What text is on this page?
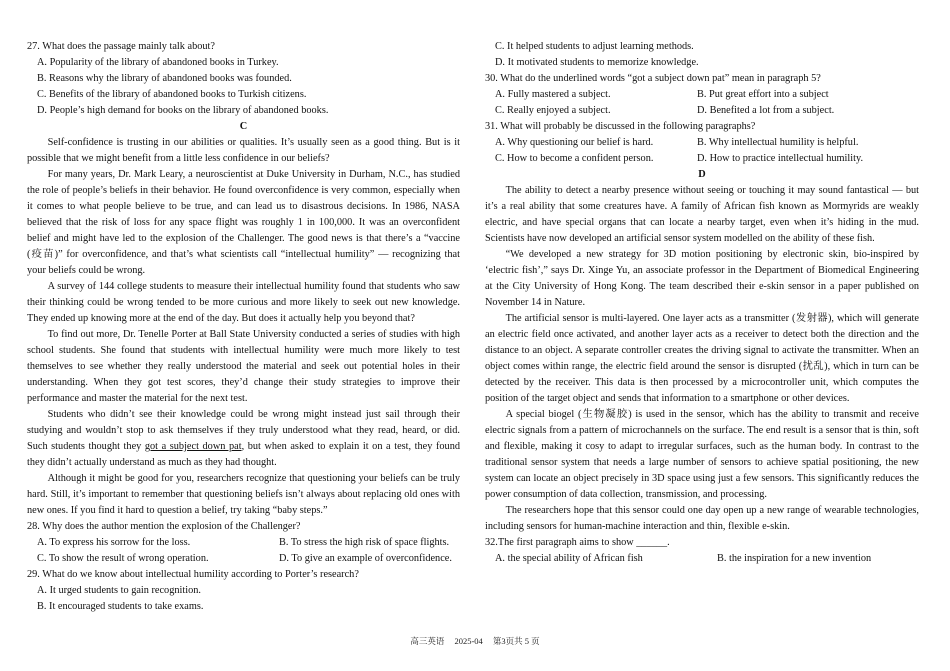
27. What does the passage mainly talk about?

A. Popularity of the library of abandoned books in Turkey.

B. Reasons why the library of abandoned books was founded.

C. Benefits of the library of abandoned books to Turkish citizens.

D. People’s high demand for books on the library of abandoned books.

C

Self-confidence is trusting in our abilities or qualities. It’s usually seen as a good thing. But is it possible that we might benefit from a little less confidence in our beliefs?

For many years, Dr. Mark Leary, a neuroscientist at Duke University in Durham, N.C., has studied the role of people’s beliefs in their behavior. He found overconfidence is very common, especially when it comes to what people believe to be true, and can lead us to disastrous decisions. In 1986, NASA believed that the risk of loss for any space flight was roughly 1 in 100,000. It was an overconfident belief and might have led to the explosion of the Challenger. The good news is that there’s a “vaccine (疫苗)” for overconfidence, and that’s what scientists call “intellectual humility” — recognizing that your beliefs could be wrong.

A survey of 144 college students to measure their intellectual humility found that students who saw their thinking could be wrong tended to be more curious and more likely to seek out new knowledge. They ended up knowing more at the end of the day. But does it actually help you beyond that?

To find out more, Dr. Tenelle Porter at Ball State University conducted a series of studies with high school students. She found that students with intellectual humility were much more likely to test themselves to see whether they really understood the material and seek out potential holes in their understanding. When they got test scores, they’d change their study strategies to improve their performance and master the material for the next test.

Students who didn’t see their knowledge could be wrong might instead just sail through their studying and wouldn’t stop to ask themselves if they truly understood what they read, heard, or did. Such students thought they got a subject down pat, but when asked to explain it on a test, they found they didn’t actually understand as much as they had thought.

Although it might be good for you, researchers recognize that questioning your beliefs can be truly hard. Still, it’s important to remember that questioning beliefs isn’t always about replacing old ones with new ones. If you find it hard to question a belief, try taking “baby steps.”

28. Why does the author mention the explosion of the Challenger?

A. To express his sorrow for the loss.	B. To stress the high risk of space flights.
C. To show the result of wrong operation.	D. To give an example of overconfidence.

29. What do we know about intellectual humility according to Porter’s research?

A. It urged students to gain recognition.

B. It encouraged students to take exams.

C. It helped students to adjust learning methods.

D. It motivated students to memorize knowledge.

30. What do the underlined words “got a subject down pat” mean in paragraph 5?

A. Fully mastered a subject.	B. Put great effort into a subject
C. Really enjoyed a subject.	D. Benefited a lot from a subject.

31. What will probably be discussed in the following paragraphs?

A. Why questioning our belief is hard.	B. Why intellectual humility is helpful.
C. How to become a confident person.	D. How to practice intellectual humility.

D

The ability to detect a nearby presence without seeing or touching it may sound fantastical — but it’s a real ability that some creatures have. A family of African fish known as Mormyrids are weakly electric, and have special organs that can locate a nearby target, even when it’s hiding in the mud. Scientists have now developed an artificial sensor system modelled on the ability of these fish.

“We developed a new strategy for 3D motion positioning by electronic skin, bio-inspired by ‘electric fish’,” says Dr. Xinge Yu, an associate professor in the Department of Biomedical Engineering at the City University of Hong Kong. The team described their e-skin sensor in a paper published on November 14 in Nature.

The artificial sensor is multi-layered. One layer acts as a transmitter (发射器), which will generate an electric field once activated, and another layer acts as a receiver to detect both the direction and the distance to an object. A separate controller creates the driving signal to activate the transmitter. When an object comes within range, the electric field around the sensor is disrupted (扰乱), which in turn can be detected by the receiver. This data is then processed by a microcontroller unit, which computes the position of the target object and sends that information to a smartphone or other devices.

A special biogel (生物凝胶) is used in the sensor, which has the ability to transmit and receive electric signals from a pattern of microchannels on the surface. The end result is a sensor that is thin, soft and flexible, making it cosy to adapt to irregular surfaces, such as the human body. In contrast to the traditional sensor system that needs a large number of sensors to achieve spatial positioning, the new system can locate an object precisely in 3D space using just a few sensors. This significantly reduces the power consumption of data collection, transmission, and processing.

The researchers hope that this sensor could one day open up a new range of wearable technologies, including sensors for human-machine interaction and thin, flexible e-skin.

32.The first paragraph aims to show ______.

A. the special ability of African fish	B. the inspiration for a new invention
高三英语 2025-04 第3页共 5 页
